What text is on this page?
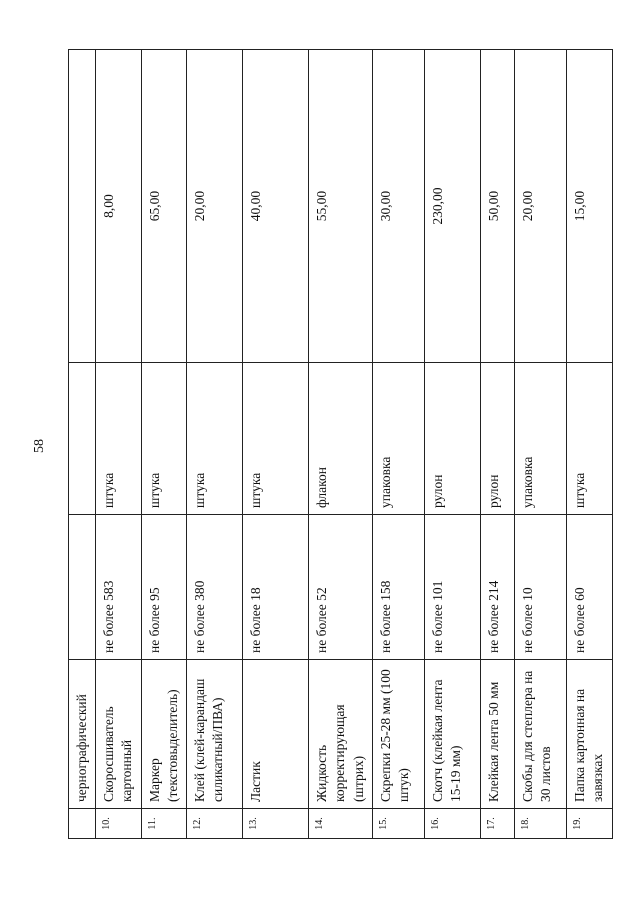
58
	чернографический			
10.	Скоросшиватель картонный	не более 583	штука	8,00
11.	Маркер (текстовыделитель)	не более 95	штука	65,00
12.	Клей (клей-карандаш силикатный/ПВА)	не более 380	штука	20,00
13.	Ластик	не более 18	штука	40,00
14.	Жидкость корректирующая (штрих)	не более 52	флакон	55,00
15.	Скрепки 25-28 мм (100 штук)	не более 158	упаковка	30,00
16.	Скотч (клейкая лента 15-19 мм)	не более 101	рулон	230,00
17.	Клейкая лента 50 мм	не более 214	рулон	50,00
18.	Скобы для степлера на 30 листов	не более 10	упаковка	20,00
19.	Папка картонная на завязках	не более 60	штука	15,00
